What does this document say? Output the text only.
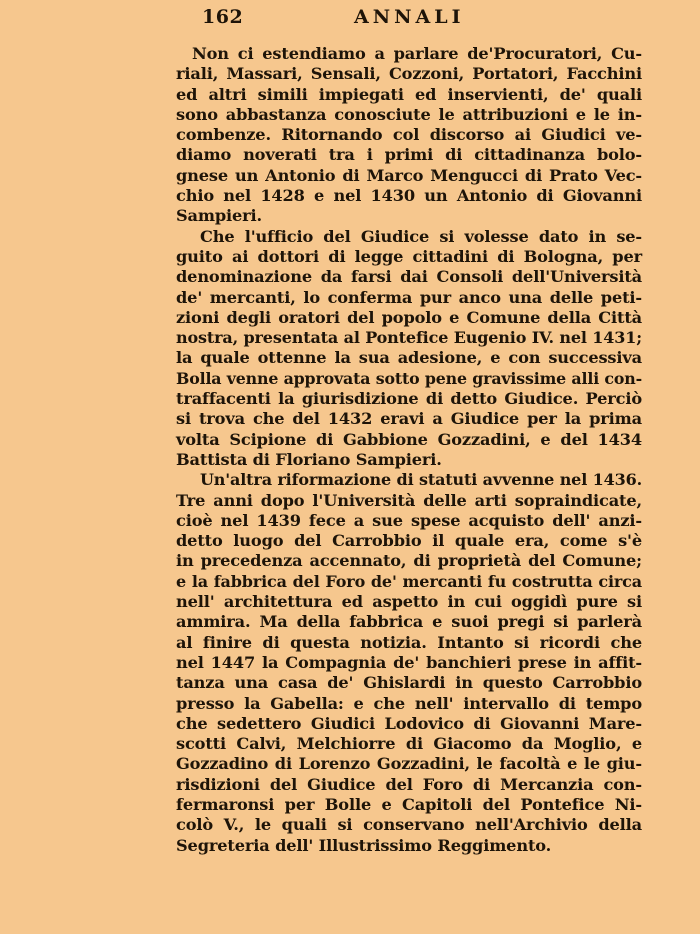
162	ANNALI
Non ci estendiamo a parlare de'Procuratori, Cu-
riali, Massari, Sensali, Cozzoni, Portatori, Facchini
ed altri simili impiegati ed inservienti, de' quali
sono abbastanza conosciute le attribuzioni e le in-
combenze. Ritornando col discorso ai Giudici ve-
diamo noverati tra i primi di cittadinanza bolo-
gnese un Antonio di Marco Mengucci di Prato Vec-
chio nel 1428 e nel 1430 un Antonio di Giovanni
Sampieri.
Che l'ufficio del Giudice si volesse dato in se-
guito ai dottori di legge cittadini di Bologna, per
denominazione da farsi dai Consoli dell'Università
de' mercanti, lo conferma pur anco una delle peti-
zioni degli oratori del popolo e Comune della Città
nostra, presentata al Pontefice Eugenio IV. nel 1431;
la quale ottenne la sua adesione, e con successiva
Bolla venne approvata sotto pene gravissime alli con-
traffacenti la giurisdizione di detto Giudice. Perciò
si trova che del 1432 eravi a Giudice per la prima
volta Scipione di Gabbione Gozzadini, e del 1434
Battista di Floriano Sampieri.
Un'altra riformazione di statuti avvenne nel 1436.
Tre anni dopo l'Università delle arti sopraindicate,
cioè nel 1439 fece a sue spese acquisto dell' anzi-
detto luogo del Carrobbio il quale era, come s'è
in precedenza accennato, di proprietà del Comune;
e la fabbrica del Foro de' mercanti fu costrutta circa
nell' architettura ed aspetto in cui oggidì pure si
ammira. Ma della fabbrica e suoi pregi si parlerà
al finire di questa notizia. Intanto si ricordi che
nel 1447 la Compagnia de' banchieri prese in affit-
tanza una casa de' Ghislardi in questo Carrobbio
presso la Gabella: e che nell' intervallo di tempo
che sedettero Giudici Lodovico di Giovanni Mare-
scotti Calvi, Melchiorre di Giacomo da Moglio, e
Gozzadino di Lorenzo Gozzadini, le facoltà e le giu-
risdizioni del Giudice del Foro di Mercanzia con-
fermaronsi per Bolle e Capitoli del Pontefice Ni-
colò V., le quali si conservano nell'Archivio della
Segreteria dell' Illustrissimo Reggimento.
